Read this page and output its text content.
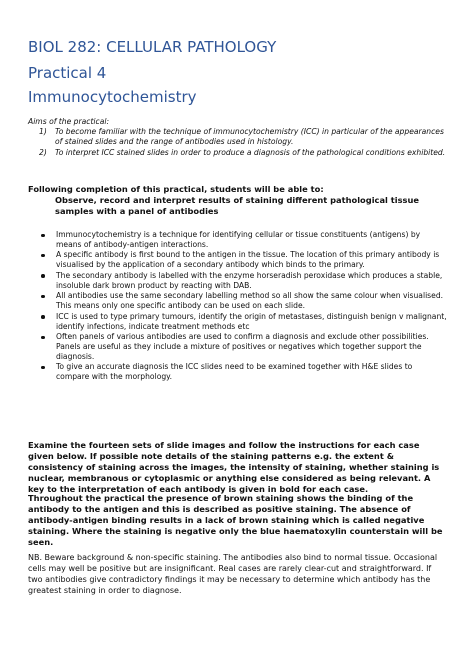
BIOL 282: CELLULAR PATHOLOGY
Practical 4
Immunocytochemistry
Aims of the practical:
1) To become familiar with the technique of immunocytochemistry (ICC) in particular of the appearances of stained slides and the range of antibodies used in histology.
2) To interpret ICC stained slides in order to produce a diagnosis of the pathological conditions exhibited.
Following completion of this practical, students will be able to:
Observe, record and interpret results of staining different pathological tissue samples with a panel of antibodies
Immunocytochemistry is a technique for identifying cellular or tissue constituents (antigens) by means of antibody-antigen interactions.
A specific antibody is first bound to the antigen in the tissue. The location of this primary antibody is visualised by the application of a secondary antibody which binds to the primary.
The secondary antibody is labelled with the enzyme horseradish peroxidase which produces a stable, insoluble dark brown product by reacting with DAB.
All antibodies use the same secondary labelling method so all show the same colour when visualised. This means only one specific antibody can be used on each slide.
ICC is used to type primary tumours, identify the origin of metastases, distinguish benign v malignant, identify infections, indicate treatment methods etc
Often panels of various antibodies are used to confirm a diagnosis and exclude other possibilities. Panels are useful as they include a mixture of positives or negatives which together support the diagnosis.
To give an accurate diagnosis the ICC slides need to be examined together with H&E slides to compare with the morphology.
Examine the fourteen sets of slide images and follow the instructions for each case given below. If possible note details of the staining patterns e.g. the extent & consistency of staining across the images, the intensity of staining, whether staining is nuclear, membranous or cytoplasmic or anything else considered as being relevant. A key to the interpretation of each antibody is given in bold for each case.
Throughout the practical the presence of brown staining shows the binding of the antibody to the antigen and this is described as positive staining. The absence of antibody-antigen binding results in a lack of brown staining which is called negative staining. Where the staining is negative only the blue haematoxylin counterstain will be seen.
NB. Beware background & non-specific staining. The antibodies also bind to normal tissue. Occasional cells may well be positive but are insignificant. Real cases are rarely clear-cut and straightforward. If two antibodies give contradictory findings it may be necessary to determine which antibody has the greatest staining in order to diagnose.
